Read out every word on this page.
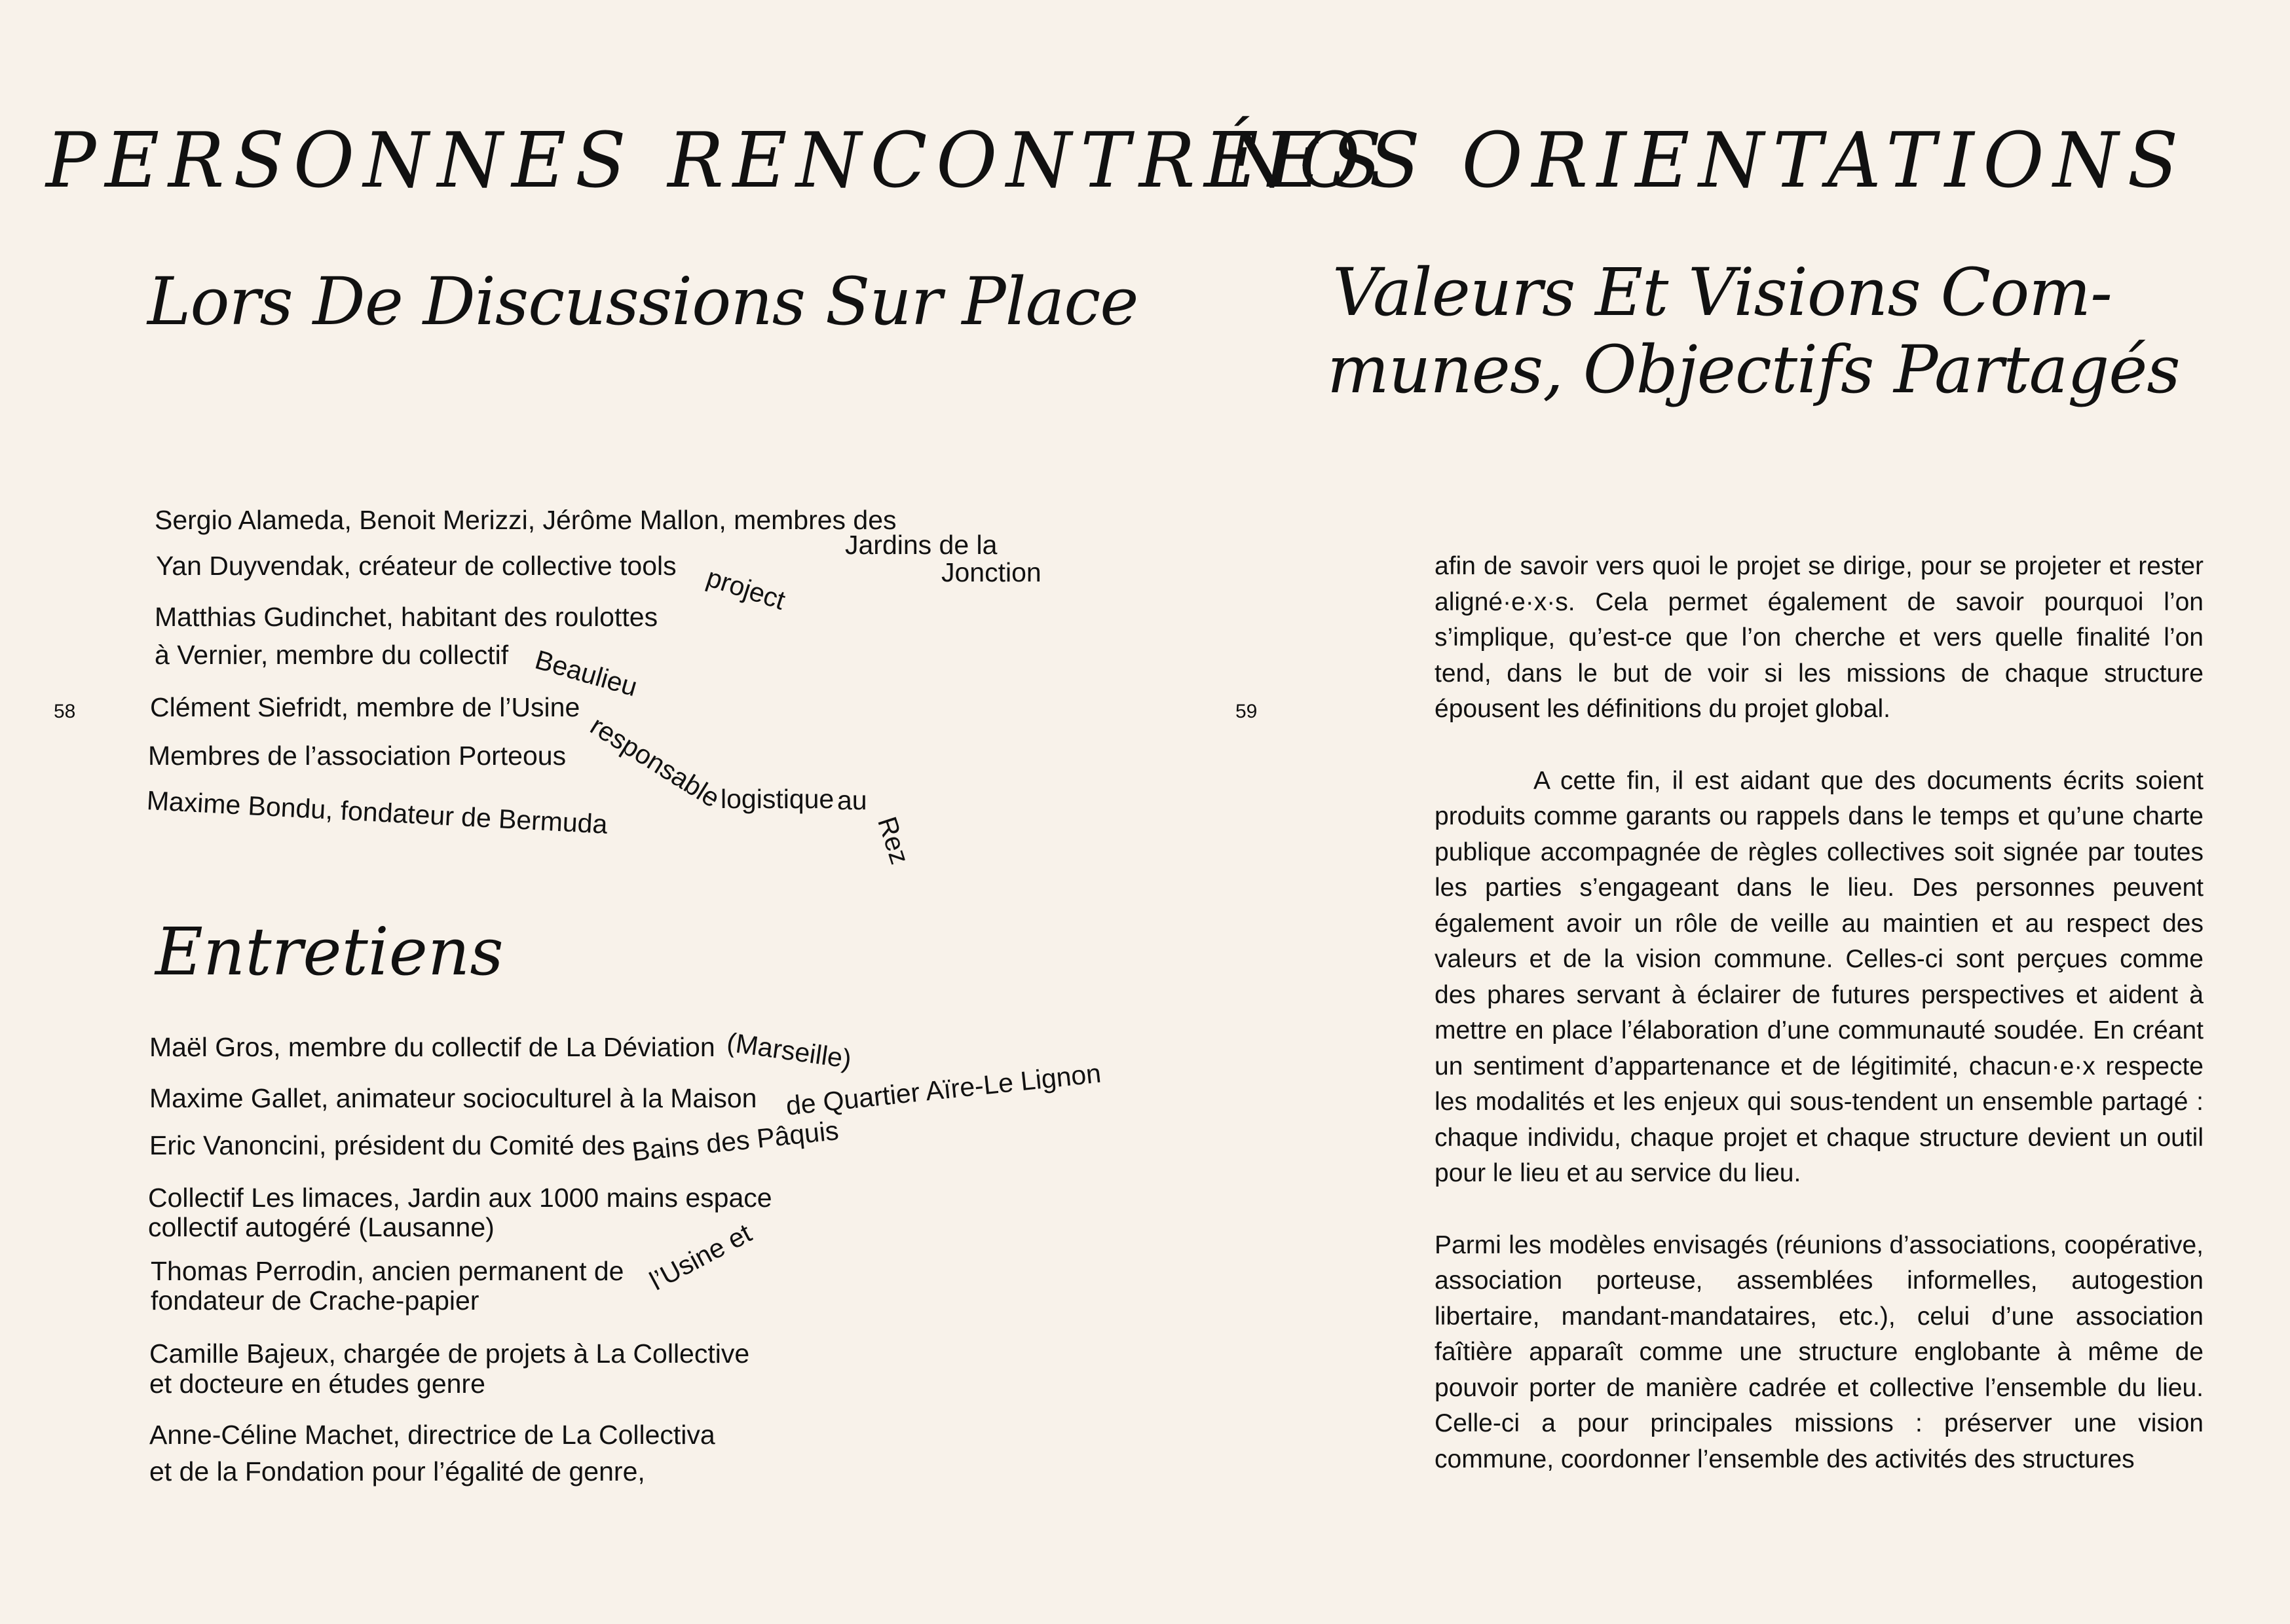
PERSONNES RENCONTRÉES
Lors De Discussions Sur Place
58
Sergio Alameda, Benoit Merizzi, Jérôme Mallon, membres des
Jardins de la
Jonction
Yan Duyvendak, créateur de collective tools project
Matthias Gudinchet, habitant des roulottes
à Vernier, membre du collectif Beaulieu
Clément Siefridt, membre de l’Usine
responsable
logistique au
Rez
Membres de l’association Porteous
Maxime Bondu, fondateur de Bermuda
Entretiens
Maël Gros, membre du collectif de La Déviation (Marseille)
Maxime Gallet, animateur socioculturel à la Maison de Quartier Aïre-Le Lignon
Eric Vanoncini, président du Comité des Bains des Pâquis
Collectif Les limaces, Jardin aux 1000 mains espace
collectif autogéré (Lausanne)
Thomas Perrodin, ancien permanent de l’Usine et
fondateur de Crache-papier
Camille Bajeux, chargée de projets à La Collective
et docteure en études genre
Anne-Céline Machet, directrice de La Collectiva
et de la Fondation pour l’égalité de genre,
NOS ORIENTATIONS
Valeurs Et Visions Com-
munes, Objectifs Partagés
59

afin de savoir vers quoi le projet se dirige, pour se projeter et rester aligné·e·x·s. Cela permet également de savoir pourquoi l’on s’implique, qu’est-ce que l’on cherche et vers quelle finalité l’on tend, dans le but de voir si les missions de chaque structure épousent les définitions du projet global.

A cette fin, il est aidant que des documents écrits soient produits comme garants ou rappels dans le temps et qu’une charte publique accompagnée de règles collectives soit signée par toutes les parties s’engageant dans le lieu. Des personnes peuvent également avoir un rôle de veille au maintien et au respect des valeurs et de la vision commune. Celles-ci sont perçues comme des phares servant à éclairer de futures perspectives et aident à mettre en place l’élaboration d’une communauté soudée. En créant un sentiment d’appartenance et de légitimité, chacun·e·x respecte les modalités et les enjeux qui sous-tendent un ensemble partagé : chaque individu, chaque projet et chaque structure devient un outil pour le lieu et au service du lieu.

Parmi les modèles envisagés (réunions d’associations, coopérative, association porteuse, assemblées informelles, autogestion libertaire, mandant-mandataires, etc.), celui d’une association faîtière apparaît comme une structure englobante à même de pouvoir porter de manière cadrée et collective l’ensemble du lieu. Celle-ci a pour principales missions : préserver une vision commune, coordonner l’ensemble des activités des structures
